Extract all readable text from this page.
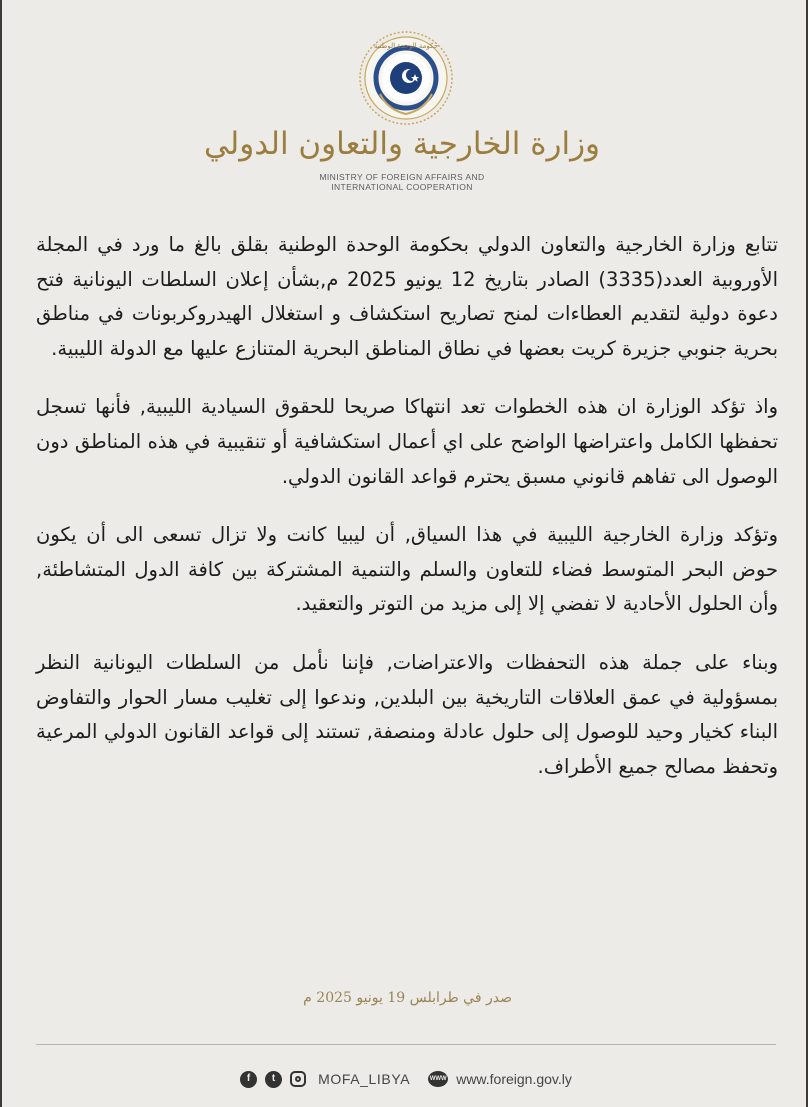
حكومة الوحدة الوطنية
وزارة الخارجية والتعاون الدولي
MINISTRY OF FOREIGN AFFAIRS AND
INTERNATIONAL COOPERATION

تتابع وزارة الخارجية والتعاون الدولي بحكومة الوحدة الوطنية بقلق بالغ ما ورد في المجلة الأوروبية العدد(3335) الصادر بتاريخ 12 يونيو 2025 م,بشأن إعلان السلطات اليونانية فتح دعوة دولية لتقديم العطاءات لمنح تصاريح استكشاف و استغلال الهيدروكربونات في مناطق بحرية جنوبي جزيرة كريت بعضها في نطاق المناطق البحرية المتنازع عليها مع الدولة الليبية.

واذ تؤكد الوزارة ان هذه الخطوات تعد انتهاكا صريحا للحقوق السيادية الليبية, فأنها تسجل تحفظها الكامل واعتراضها الواضح على اي أعمال استكشافية أو تنقيبية في هذه المناطق دون الوصول الى تفاهم قانوني مسبق يحترم قواعد القانون الدولي.

وتؤكد وزارة الخارجية الليبية في هذا السياق, أن ليبيا كانت ولا تزال تسعى الى أن يكون حوض البحر المتوسط فضاء للتعاون والسلم والتنمية المشتركة بين كافة الدول المتشاطئة, وأن الحلول الأحادية لا تفضي إلا إلى مزيد من التوتر والتعقيد.

وبناء على جملة هذه التحفظات والاعتراضات, فإننا نأمل من السلطات اليونانية النظر بمسؤولية في عمق العلاقات التاريخية بين البلدين, وندعوا إلى تغليب مسار الحوار والتفاوض البناء كخيار وحيد للوصول إلى حلول عادلة ومنصفة, تستند إلى قواعد القانون الدولي المرعية وتحفظ مصالح جميع الأطراف.

صدر في طرابلس 19 يونيو 2025 م
f	t	MOFA_LIBYA	WWW www.foreign.gov.ly
